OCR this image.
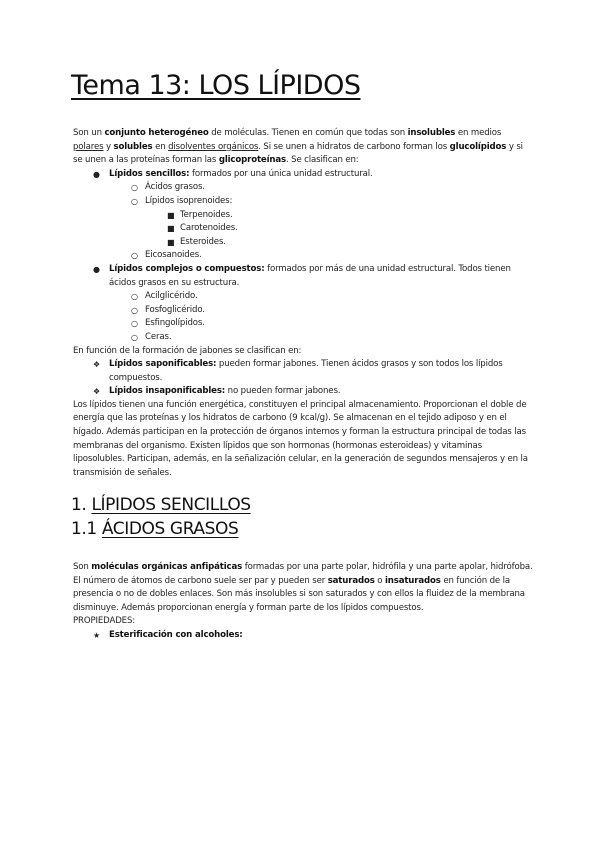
Tema 13: LOS LÍPIDOS
Son un conjunto heterogéneo de moléculas. Tienen en común que todas son insolubles en medios polares y solubles en disolventes orgánicos. Si se unen a hidratos de carbono forman los glucolípidos y si se unen a las proteínas forman las glicoproteínas. Se clasifican en:
● Lípidos sencillos: formados por una única unidad estructural.
○ Ácidos grasos.
○ Lípidos isoprenoides:
■ Terpenoides.
■ Carotenoides.
■ Esteroides.
○ Eicosanoides.
● Lípidos complejos o compuestos: formados por más de una unidad estructural. Todos tienen ácidos grasos en su estructura.
○ Acilglicérido.
○ Fosfoglicérido.
○ Esfingolípidos.
○ Ceras.
En función de la formación de jabones se clasifican en:
❖ Lípidos saponificables: pueden formar jabones. Tienen ácidos grasos y son todos los lípidos compuestos.
❖ Lípidos insaponificables: no pueden formar jabones.
Los lípidos tienen una función energética, constituyen el principal almacenamiento. Proporcionan el doble de energía que las proteínas y los hidratos de carbono (9 kcal/g). Se almacenan en el tejido adiposo y en el hígado. Además participan en la protección de órganos internos y forman la estructura principal de todas las membranas del organismo. Existen lípidos que son hormonas (hormonas esteroideas) y vitaminas liposolubles. Participan, además, en la señalización celular, en la generación de segundos mensajeros y en la transmisión de señales.
1. LÍPIDOS SENCILLOS
1.1 ÁCIDOS GRASOS
Son moléculas orgánicas anfipáticas formadas por una parte polar, hidrófila y una parte apolar, hidrófoba. El número de átomos de carbono suele ser par y pueden ser saturados o insaturados en función de la presencia o no de dobles enlaces. Son más insolubles si son saturados y con ellos la fluidez de la membrana disminuye. Además proporcionan energía y forman parte de los lípidos compuestos.
PROPIEDADES:
★ Esterificación con alcoholes:
